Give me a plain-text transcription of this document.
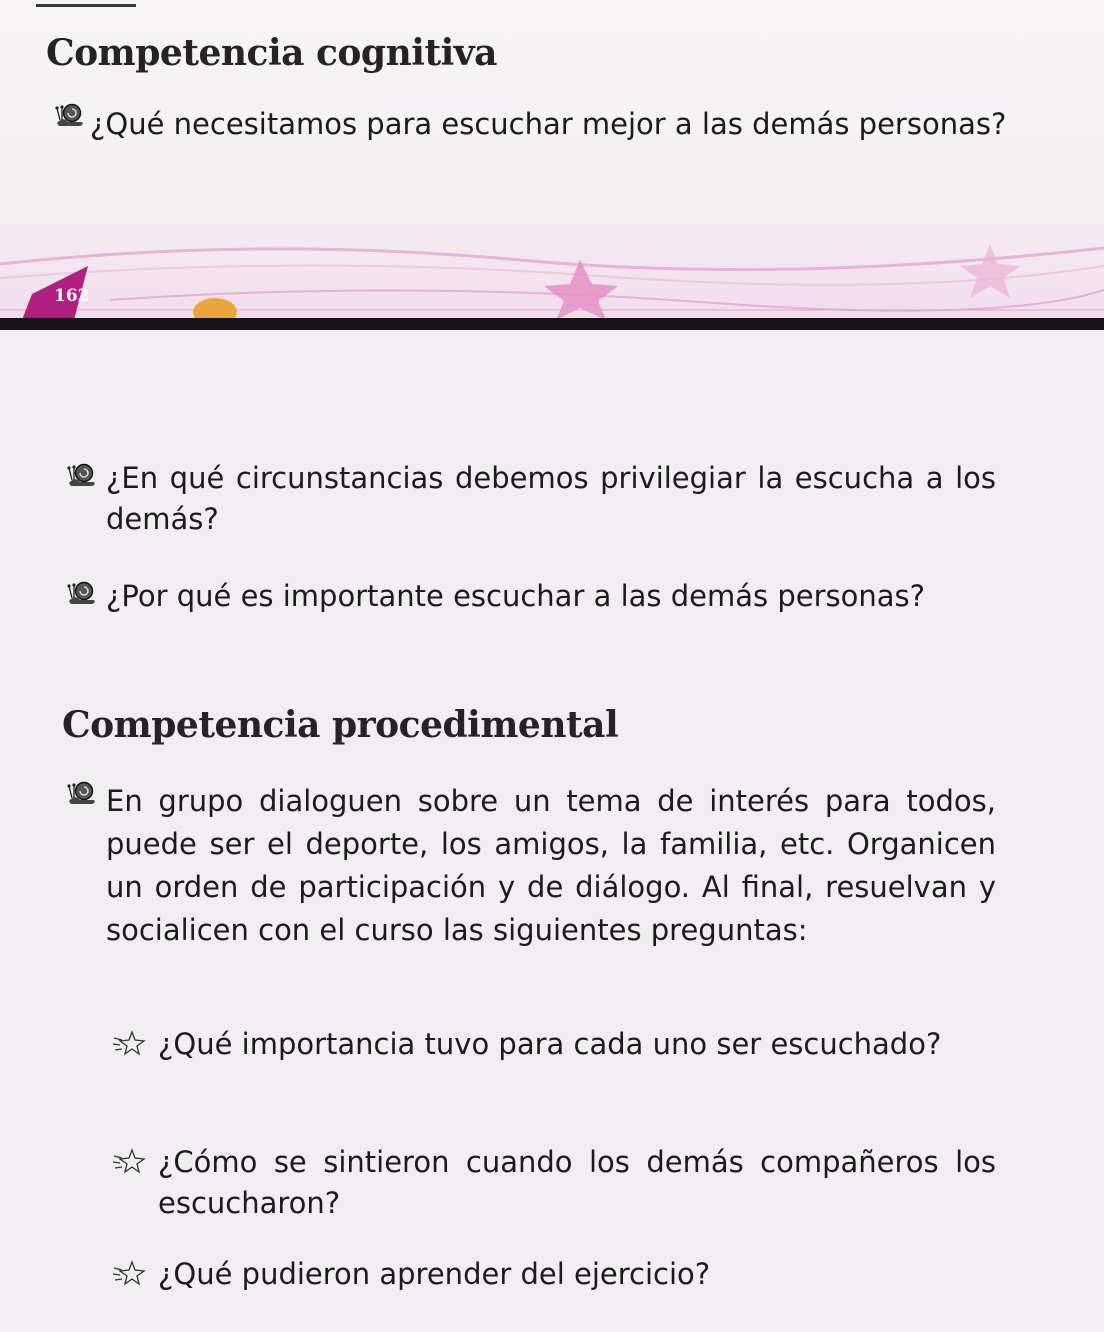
Competencia cognitiva

¿Qué necesitamos para escuchar mejor a las demás personas?

162

¿En qué circunstancias debemos privilegiar la escucha a los demás?

¿Por qué es importante escuchar a las demás personas?

Competencia procedimental

En grupo dialoguen sobre un tema de interés para todos, puede ser el deporte, los amigos, la familia, etc. Organicen un orden de participación y de diálogo. Al final, resuelvan y socialicen con el curso las siguientes preguntas:

¿Qué importancia tuvo para cada uno ser escuchado?

¿Cómo se sintieron cuando los demás compañeros los escucharon?

¿Qué pudieron aprender del ejercicio?
